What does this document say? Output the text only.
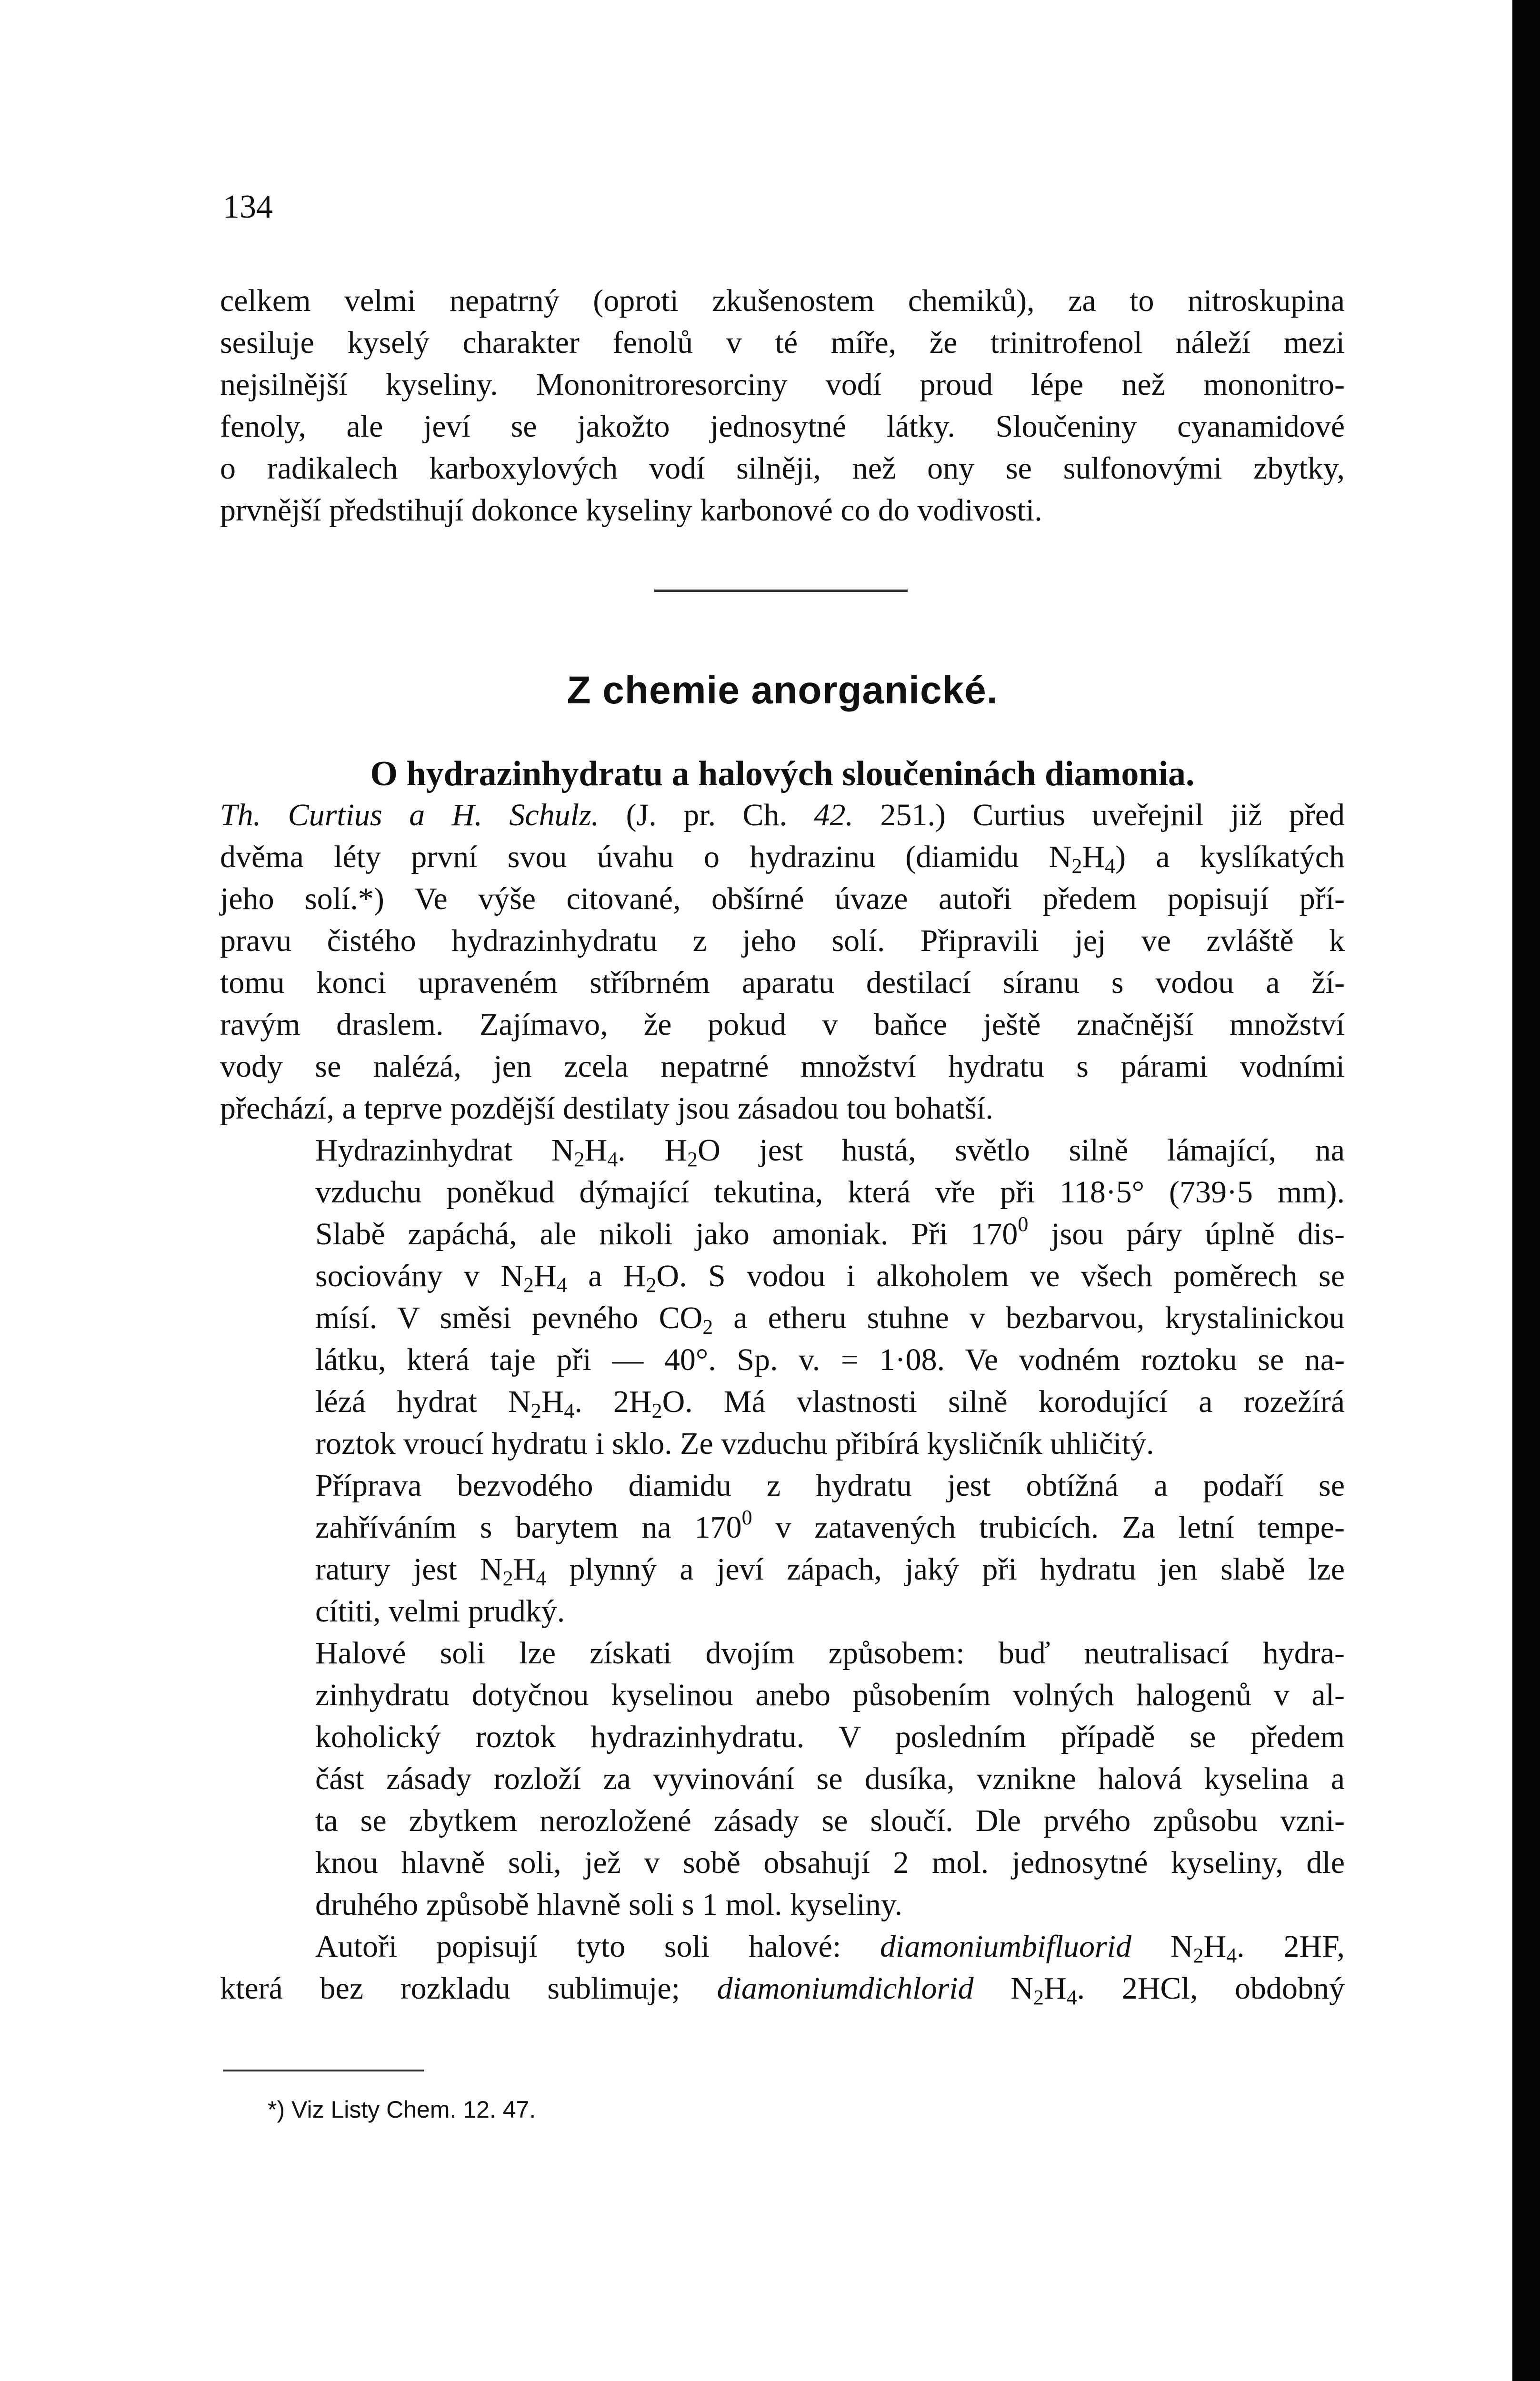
134

celkem velmi nepatrný (oproti zkušenostem chemiků), za to nitroskupina
sesiluje kyselý charakter fenolů v té míře, že trinitrofenol náleží mezi
nejsilnější kyseliny. Mononitroresorciny vodí proud lépe než mononitro-
fenoly, ale jeví se jakožto jednosytné látky. Sloučeniny cyanamidové
o radikalech karboxylových vodí silněji, než ony se sulfonovými zbytky,
prvnější předstihují dokonce kyseliny karbonové co do vodivosti.

Z chemie anorganické.
O hydrazinhydratu a halových sloučeninách diamonia.

Th. Curtius a H. Schulz. (J. pr. Ch. 42. 251.) Curtius uveřejnil již před
dvěma léty první svou úvahu o hydrazinu (diamidu $N_2H_4$) a kyslíkatých
jeho solí.*) Ve výše citované, obšírné úvaze autoři předem popisují pří-
pravu čistého hydrazinhydratu z jeho solí. Připravili jej ve zvláště k
tomu konci upraveném stříbrném aparatu destilací síranu s vodou a ží-
ravým draslem. Zajímavo, že pokud v baňce ještě značnější množství
vody se nalézá, jen zcela nepatrné množství hydratu s párami vodními
přechází, a teprve pozdější destilaty jsou zásadou tou bohatší.

Hydrazinhydrat $N_2H_4$. $H_2O$ jest hustá, světlo silně lámající, na
vzduchu poněkud dýmající tekutina, která vře při 118·5° (739·5 mm).
Slabě zapáchá, ale nikoli jako amoniak. Při $170^0$ jsou páry úplně dis-
sociovány v $N_2H_4$ a $H_2O$. S vodou i alkoholem ve všech poměrech se
mísí. V směsi pevného $CO_2$ a etheru stuhne v bezbarvou, krystalinickou
látku, která taje při — 40°. Sp. v. = 1·08. Ve vodném roztoku se na-
lézá hydrat $N_2H_4$. $2H_2O$. Má vlastnosti silně korodující a rozežírá
roztok vroucí hydratu i sklo. Ze vzduchu přibírá kysličník uhličitý.

Příprava bezvodého diamidu z hydratu jest obtížná a podaří se
zahříváním s barytem na $170^0$ v zatavených trubicích. Za letní tempe-
ratury jest $N_2H_4$ plynný a jeví zápach, jaký při hydratu jen slabě lze
cítiti, velmi prudký.

Halové soli lze získati dvojím způsobem: buď neutralisací hydra-
zinhydratu dotyčnou kyselinou anebo působením volných halogenů v al-
koholický roztok hydrazinhydratu. V posledním případě se předem
část zásady rozloží za vyvinování se dusíka, vznikne halová kyselina a
ta se zbytkem nerozložené zásady se sloučí. Dle prvého způsobu vzni-
knou hlavně soli, jež v sobě obsahují 2 mol. jednosytné kyseliny, dle
druhého způsobě hlavně soli s 1 mol. kyseliny.

Autoři popisují tyto soli halové: diamoniumbifluorid $N_2H_4$. 2HF,
která bez rozkladu sublimuje; diamoniumdichlorid $N_2H_4$. 2HCl, obdobný

*) Viz Listy Chem. 12. 47.
